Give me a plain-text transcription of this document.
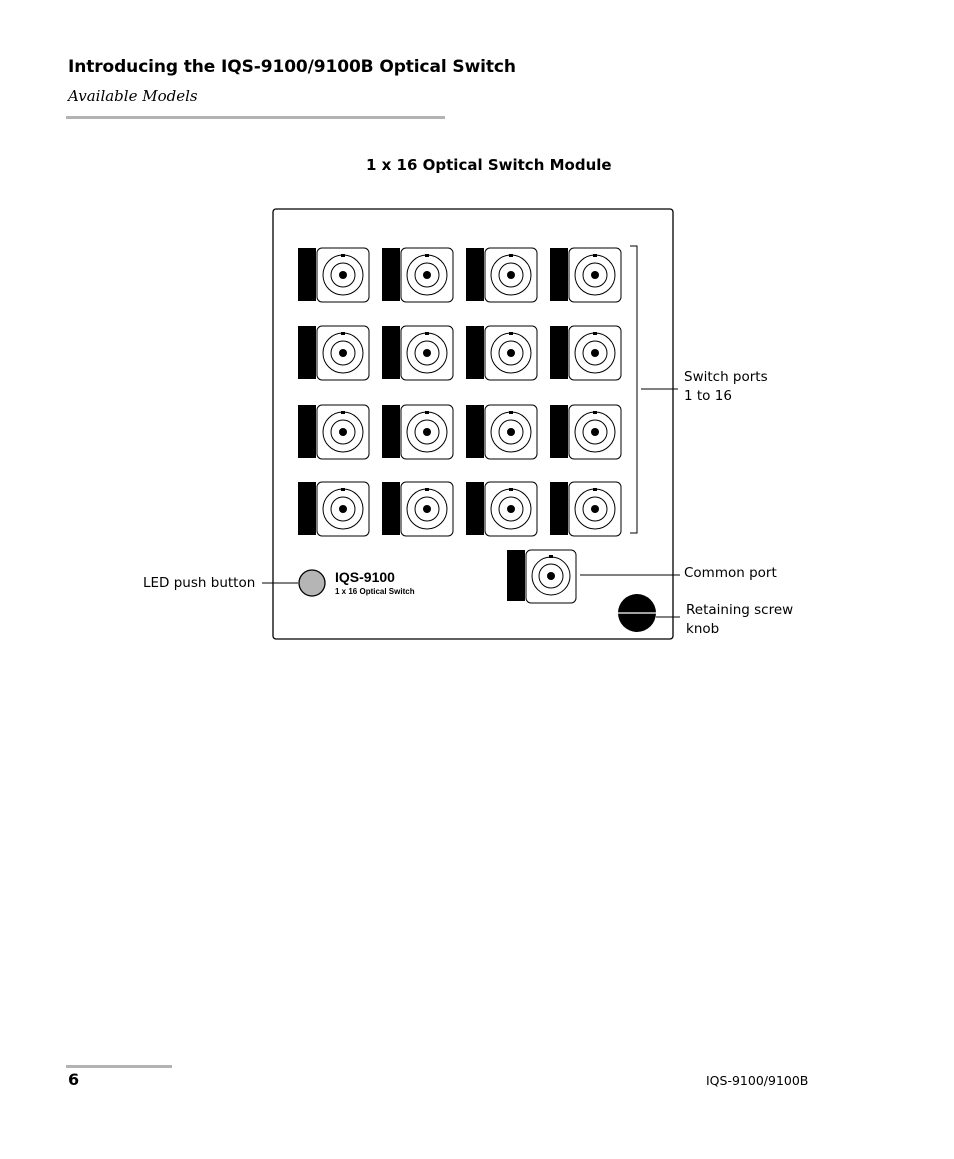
Introducing the IQS-9100/9100B Optical Switch
Available Models
1 x 16 Optical Switch Module
IQS-9100
1 x 16 Optical Switch
Switch ports
1 to 16
Common port
Retaining screw
knob
LED push button
6	IQS-9100/9100B
